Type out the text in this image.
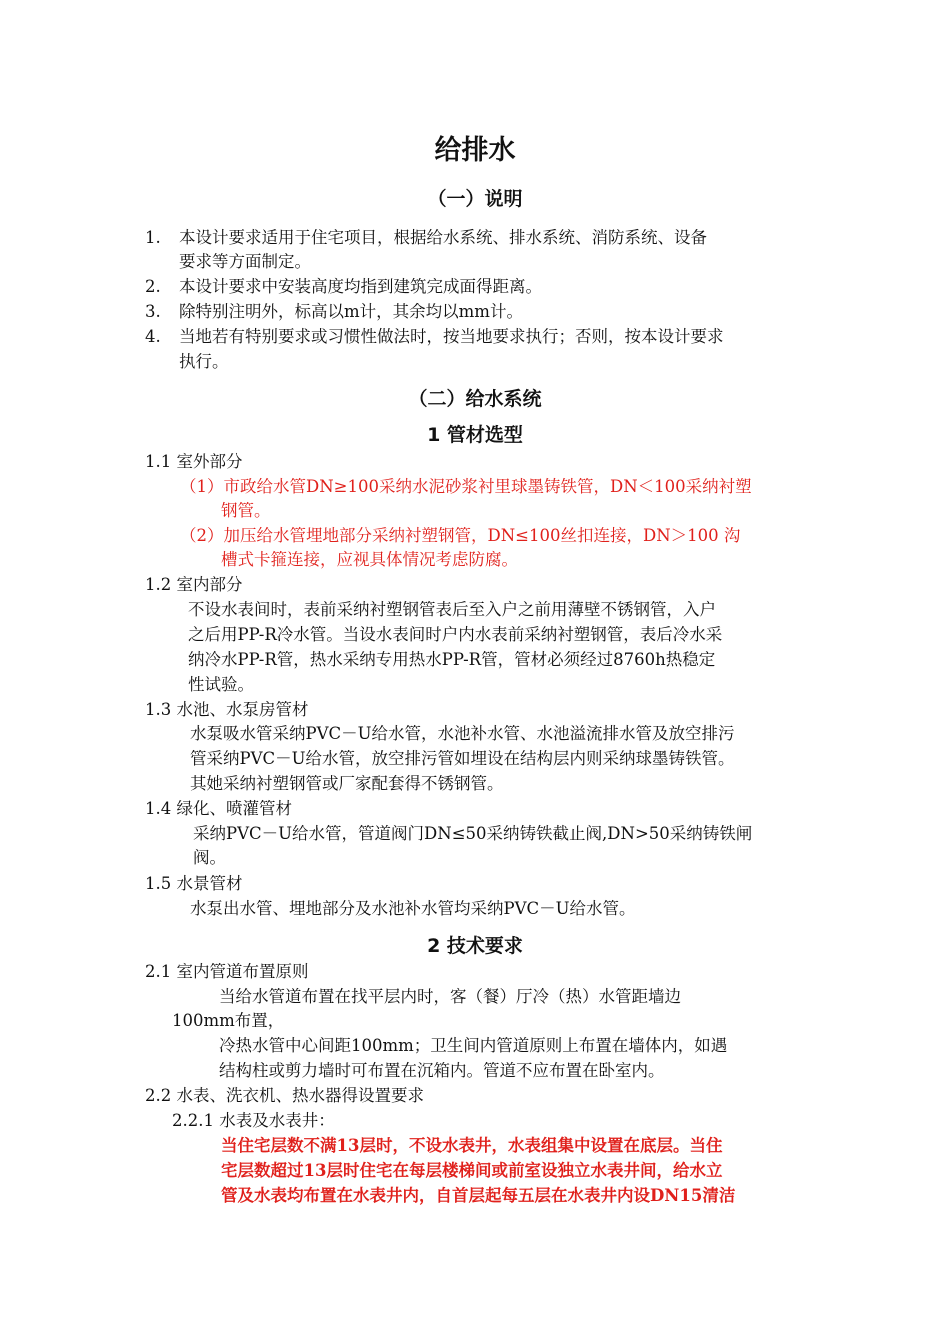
给排水
（一）说明
1. 本设计要求适用于住宅项目，根据给水系统、排水系统、消防系统、设备
要求等方面制定。
2. 本设计要求中安装高度均指到建筑完成面得距离。
3. 除特别注明外，标高以m计，其余均以mm计。
4. 当地若有特别要求或习惯性做法时，按当地要求执行；否则，按本设计要求
执行。
（二）给水系统
1 管材选型
1.1 室外部分
（1）市政给水管DN≥100采纳水泥砂浆衬里球墨铸铁管，DN＜100采纳衬塑
钢管。
（2）加压给水管埋地部分采纳衬塑钢管，DN≤100丝扣连接，DN＞100 沟
槽式卡箍连接，应视具体情况考虑防腐。
1.2 室内部分
不设水表间时，表前采纳衬塑钢管表后至入户之前用薄壁不锈钢管，入户
之后用PP-R冷水管。当设水表间时户内水表前采纳衬塑钢管，表后冷水采
纳冷水PP-R管，热水采纳专用热水PP-R管，管材必须经过8760h热稳定
性试验。
1.3 水池、水泵房管材
水泵吸水管采纳PVC－U给水管，水池补水管、水池溢流排水管及放空排污
管采纳PVC－U给水管，放空排污管如埋设在结构层内则采纳球墨铸铁管。
其她采纳衬塑钢管或厂家配套得不锈钢管。
1.4 绿化、喷灌管材
采纳PVC－U给水管，管道阀门DN≤50采纳铸铁截止阀,DN>50采纳铸铁闸
阀。
1.5 水景管材
水泵出水管、埋地部分及水池补水管均采纳PVC－U给水管。
2 技术要求
2.1 室内管道布置原则
当给水管道布置在找平层内时，客（餐）厅冷（热）水管距墙边
100mm布置，
冷热水管中心间距100mm；卫生间内管道原则上布置在墙体内，如遇
结构柱或剪力墙时可布置在沉箱内。管道不应布置在卧室内。
2.2 水表、洗衣机、热水器得设置要求
2.2.1 水表及水表井：
当住宅层数不满13层时，不设水表井，水表组集中设置在底层。当住
宅层数超过13层时住宅在每层楼梯间或前室设独立水表井间，给水立
管及水表均布置在水表井内，自首层起每五层在水表井内设DN15清洁
